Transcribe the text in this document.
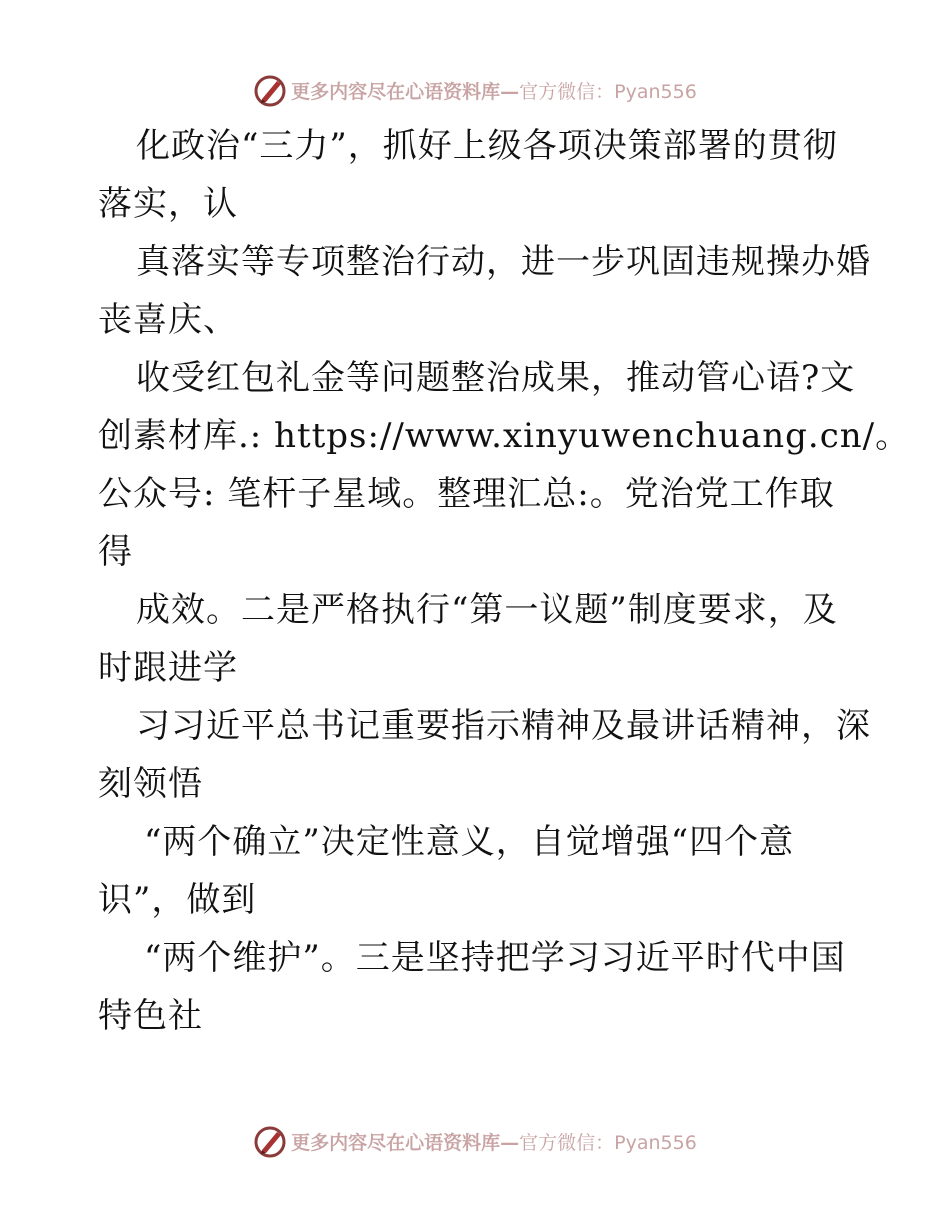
更多内容尽在心语资料库— 官方微信：Pyan556
化政治“三力”，抓好上级各项决策部署的贯彻
落实，认
真落实等专项整治行动，进一步巩固违规操办婚
丧喜庆、
收受红包礼金等问题整治成果，推动管心语?文
创素材库.: https://www.xinyuwenchuang.cn/。
公众号: 笔杆子星域。整理汇总:。党治党工作取
得
成效。二是严格执行“第一议题”制度要求，及
时跟进学
习习近平总书记重要指示精神及最讲话精神，深
刻领悟
“两个确立”决定性意义，自觉增强“四个意
识”，做到
“两个维护”。三是坚持把学习习近平时代中国
特色社
更多内容尽在心语资料库— 官方微信：Pyan556
